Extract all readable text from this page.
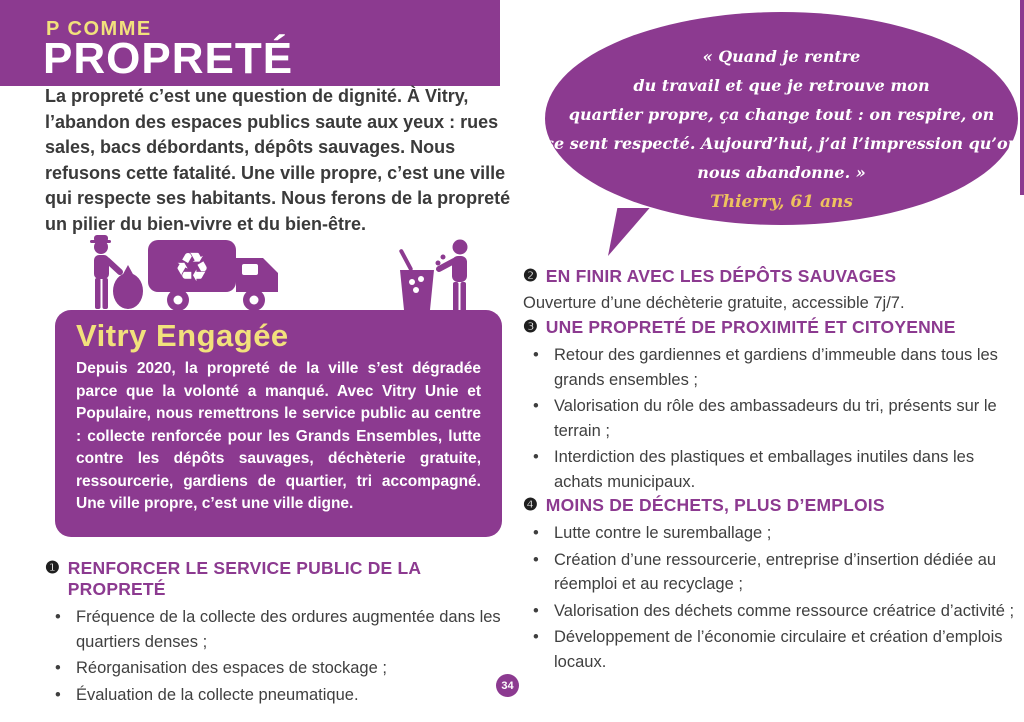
P COMME
PROPRETÉ

La propreté c’est une question de dignité. À Vitry, l’abandon des espaces publics saute aux yeux : rues sales, bacs débordants, dépôts sauvages. Nous refusons cette fatalité. Une ville propre, c’est une ville qui respecte ses habitants. Nous ferons de la propreté un pilier du bien-vivre et du bien-être.

♻
Vitry Engagée

Depuis 2020, la propreté de la ville s’est dégradée parce que la volonté a manqué. Avec Vitry Unie et Populaire, nous remettrons le service public au centre : collecte renforcée pour les Grands Ensembles, lutte contre les dépôts sauvages, déchèterie gratuite, ressourcerie, gardiens de quartier, tri accompagné. Une ville propre, c’est une ville digne.

« Quand je rentre
du travail et que je retrouve mon
quartier propre, ça change tout : on respire, on
se sent respecté. Aujourd’hui, j’ai l’impression qu’on
nous abandonne. »
Thierry, 61 ans
❶ RENFORCER LE SERVICE PUBLIC DE LA PROPRETÉ
• Fréquence de la collecte des ordures augmentée dans les quartiers denses ;
• Réorganisation des espaces de stockage ;
• Évaluation de la collecte pneumatique.
❷ EN FINIR AVEC LES DÉPÔTS SAUVAGES

Ouverture d’une déchèterie gratuite, accessible 7j/7.

❸ UNE PROPRETÉ DE PROXIMITÉ ET CITOYENNE
• Retour des gardiennes et gardiens d’immeuble dans tous les grands ensembles ;
• Valorisation du rôle des ambassadeurs du tri, présents sur le terrain ;
• Interdiction des plastiques et emballages inutiles dans les achats municipaux.
❹ MOINS DE DÉCHETS, PLUS D’EMPLOIS
• Lutte contre le suremballage ;
• Création d’une ressourcerie, entreprise d’insertion dédiée au réemploi et au recyclage ;
• Valorisation des déchets comme ressource créatrice d’activité ;
• Développement de l’économie circulaire et création d’emplois locaux.
34
